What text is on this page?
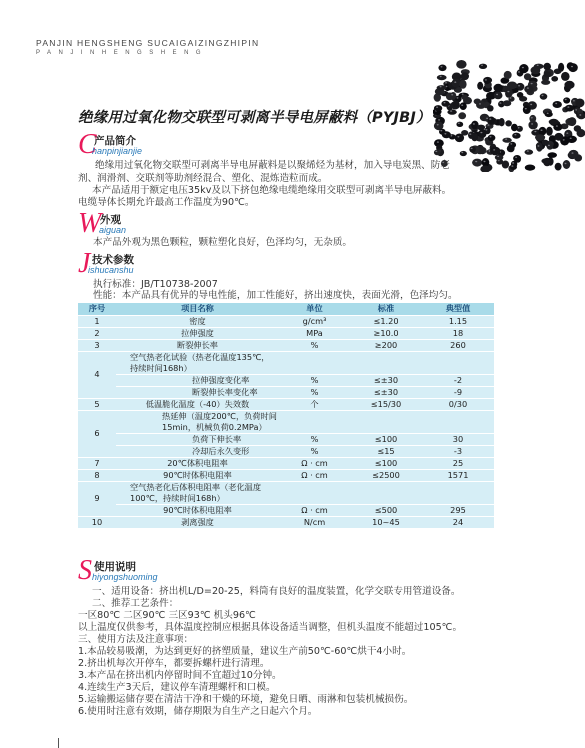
PANJIN HENGSHENG SUCAIGAIZINGZHIPIN
PANJINHENGSHENG
绝缘用过氧化物交联型可剥离半导电屏蔽料（PYJBJ）
C
产品简介
hanpinjianjie
绝缘用过氧化物交联型可剥离半导电屏蔽料是以聚烯烃为基材，加入导电炭黑、防老
剂、润滑剂、交联剂等助剂经混合、塑化、混炼造粒而成。
本产品适用于额定电压35kv及以下挤包绝缘电缆绝缘用交联型可剥离半导电屏蔽料。
电缆导体长期允许最高工作温度为90℃。
W
外观
aiguan
本产品外观为黑色颗粒，颗粒塑化良好，色泽均匀，无杂质。
J 技术参数
ishucanshu
执行标准：JB/T10738-2007
性能：本产品具有优异的导电性能，加工性能好，挤出速度快，表面光滑，色泽均匀。
序号	项目名称	单位	标准	典型值
1	密度	g/cm³	≤1.20	1.15
2	拉伸强度	MPa	≥10.0	18
3	断裂伸长率	%	≥200	260
4	空气热老化试验（热老化温度135℃，持续时间168h）			
	拉伸强度变化率	%	≤±30	-2
	断裂伸长率变化率	%	≤±30	-9
5	低温脆化温度（-40）失效数	个	≤15/30	0/30
6	热延伸（温度200℃，负荷时间15min，机械负荷0.2MPa）			
	负荷下伸长率	%	≤100	30
	冷却后永久变形	%	≤15	-3
7	20℃体积电阻率	Ω · cm	≤100	25
8	90℃时体积电阻率	Ω · cm	≤2500	1571
9	空气热老化后体积电阻率（老化温度100℃，持续时间168h）			
	90℃时体积电阻率	Ω · cm	≤500	295
10	剥离强度	N/cm	10~45	24
S 使用说明
hiyongshuoming
一、适用设备：挤出机L/D=20-25，料筒有良好的温度装置，化学交联专用管道设备。
二、推荐工艺条件：
一区80℃ 二区90℃ 三区93℃ 机头96℃
以上温度仅供参考，具体温度控制应根据具体设备适当调整，但机头温度不能超过105℃。
三、使用方法及注意事项：
1.本品较易吸潮，为达到更好的挤塑质量，建议生产前50℃-60℃烘干4小时。
2.挤出机每次开停车，都要拆螺杆进行清理。
3.本产品在挤出机内停留时间不宜超过10分钟。
4.连续生产3天后，建议停车清理螺杆和口模。
5.运输搬运储存要在清洁干净和干燥的环境，避免日晒、雨淋和包装机械损伤。
6.使用时注意有效期，储存期限为自生产之日起六个月。
